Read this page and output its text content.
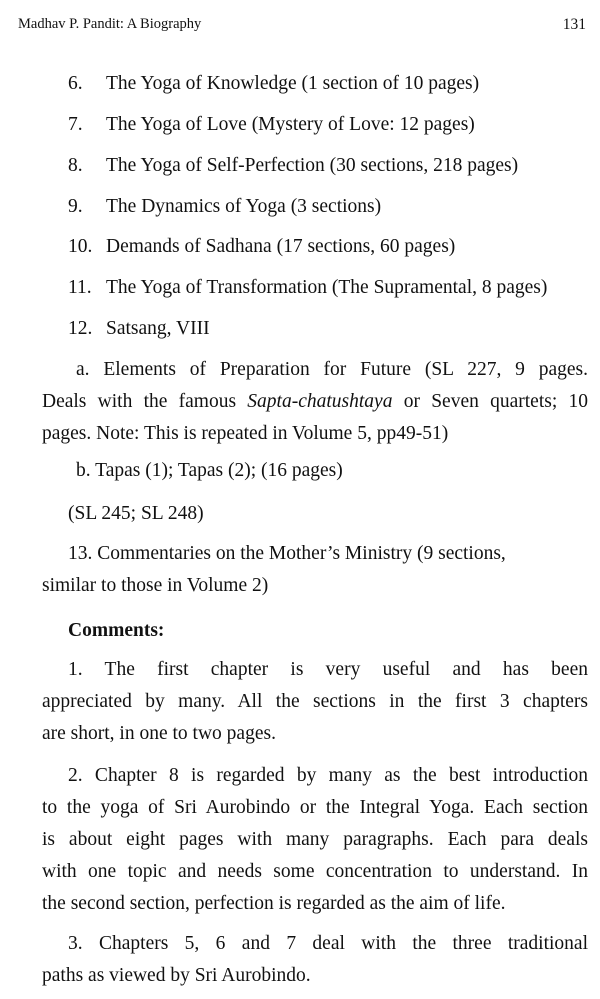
Madhav P. Pandit: A Biography	131
6. The Yoga of Knowledge (1 section of 10 pages)
7. The Yoga of Love (Mystery of Love: 12 pages)
8. The Yoga of Self-Perfection (30 sections, 218 pages)
9. The Dynamics of Yoga (3 sections)
10. Demands of Sadhana (17 sections, 60 pages)
11. The Yoga of Transformation (The Supramental, 8 pages)
12. Satsang, VIII
a. Elements of Preparation for Future (SL 227, 9 pages.
Deals with the famous Sapta-chatushtaya or Seven quartets; 10
pages. Note: This is repeated in Volume 5, pp49-51)
b. Tapas (1); Tapas (2); (16 pages)
(SL 245; SL 248)
13. Commentaries on the Mother’s Ministry (9 sections,
similar to those in Volume 2)
Comments:
1. The first chapter is very useful and has been
appreciated by many. All the sections in the first 3 chapters
are short, in one to two pages.
2. Chapter 8 is regarded by many as the best introduction
to the yoga of Sri Aurobindo or the Integral Yoga. Each section
is about eight pages with many paragraphs. Each para deals
with one topic and needs some concentration to understand. In
the second section, perfection is regarded as the aim of life.
3. Chapters 5, 6 and 7 deal with the three traditional
paths as viewed by Sri Aurobindo.
